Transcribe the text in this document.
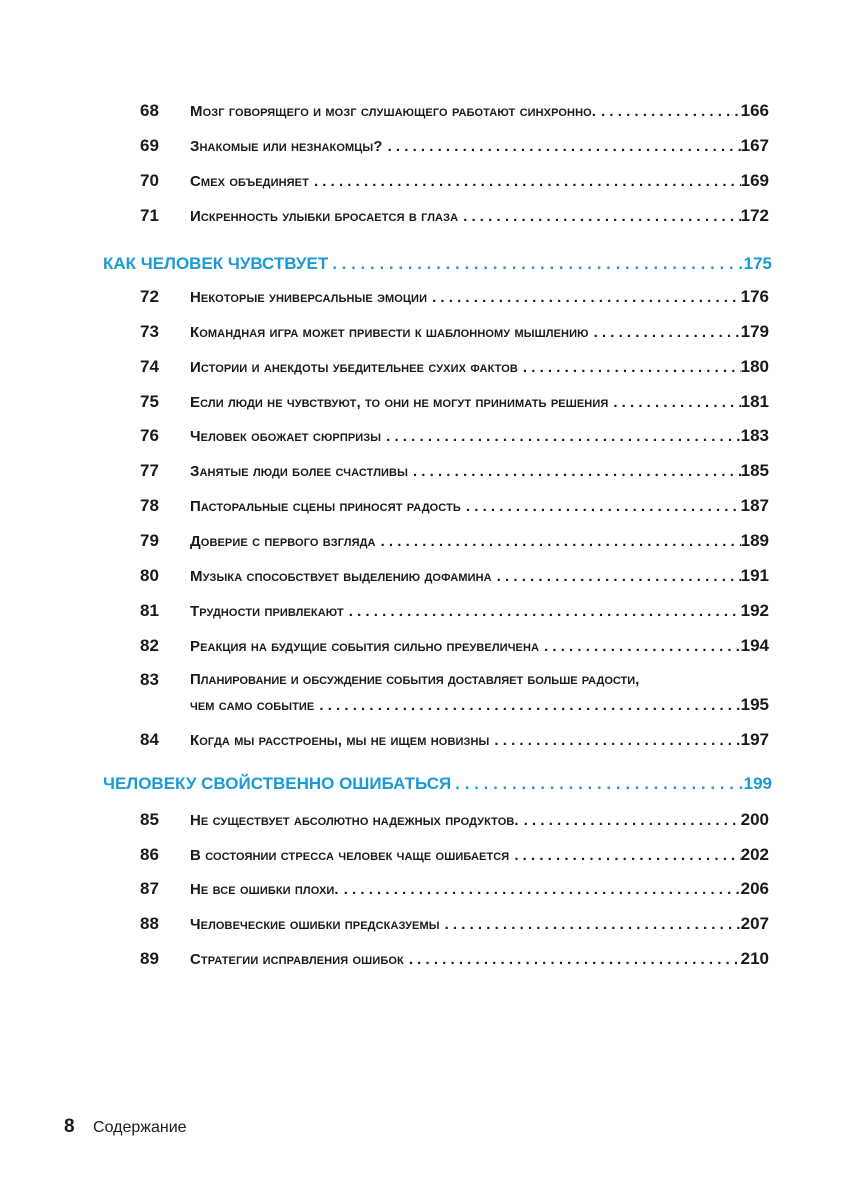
68	Мозг говорящего и мозг слушающего работают синхронно. . . .	166
69	Знакомые или незнакомцы? . . .	167
70	Смех объединяет . . .	169
71	Искренность улыбки бросается в глаза . . .	172
КАК ЧЕЛОВЕК ЧУВСТВУЕТ . . .	175
72	Некоторые универсальные эмоции . . .	176
73	Командная игра может привести к шаблонному мышлению . . .	179
74	Истории и анекдоты убедительнее сухих фактов . . .	180
75	Если люди не чувствуют, то они не могут принимать решения . . .	181
76	Человек обожает сюрпризы . . .	183
77	Занятые люди более счастливы . . .	185
78	Пасторальные сцены приносят радость . . .	187
79	Доверие с первого взгляда . . .	189
80	Музыка способствует выделению дофамина . . .	191
81	Трудности привлекают . . .	192
82	Реакция на будущие события сильно преувеличена . . .	194
83	Планирование и обсуждение события доставляет больше радости,
чем само событие . . .	195
84	Когда мы расстроены, мы не ищем новизны . . .	197
ЧЕЛОВЕКУ СВОЙСТВЕННО ОШИБАТЬСЯ . . .	199
85	Не существует абсолютно надежных продуктов. . . .	200
86	В состоянии стресса человек чаще ошибается . . .	202
87	Не все ошибки плохи. . . .	206
88	Человеческие ошибки предсказуемы . . .	207
89	Стратегии исправления ошибок . . .	210
8 Содержание
